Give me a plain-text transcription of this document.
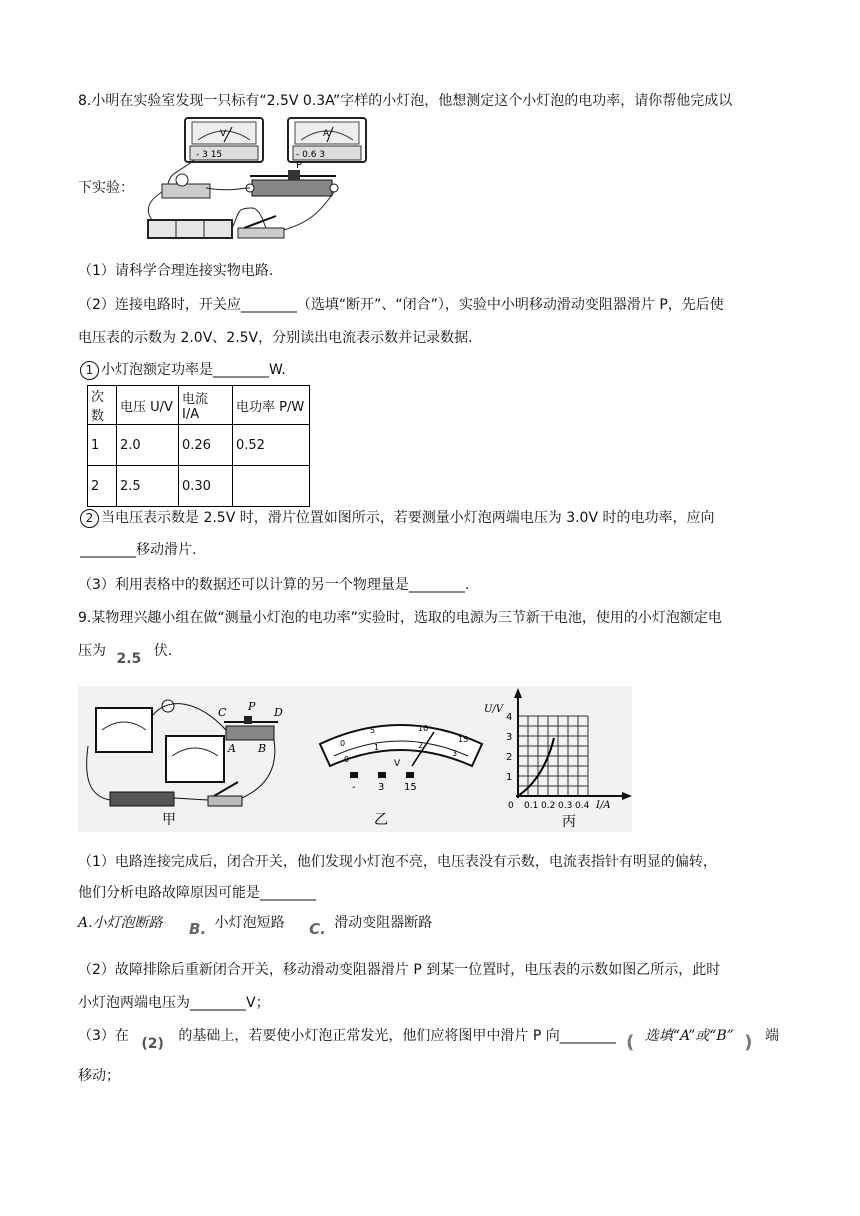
8.小明在实验室发现一只标有“2.5V 0.3A”字样的小灯泡，他想测定这个小灯泡的电功率，请你帮他完成以
V
- 3 15
A
- 0.6 3
P
下实验：
（1）请科学合理连接实物电路.
（2）连接电路时，开关应________（选填“断开”、“闭合”），实验中小明移动滑动变阻器滑片 P，先后使
电压表的示数为 2.0V、2.5V，分别读出电流表示数并记录数据.
1 小灯泡额定功率是________W.
次数	电压 U/V	电流 I/A	电功率 P/W
1	2.0	0.26	0.52
2	2.5	0.30	
2 当电压表示数是 2.5V 时，滑片位置如图所示，若要测量小灯泡两端电压为 3.0V 时的电功率，应向
________移动滑片.
（3）利用表格中的数据还可以计算的另一个物理量是________.
9.某物理兴趣小组在做“测量小灯泡的电功率”实验时，选取的电源为三节新干电池，使用的小灯泡额定电
压为 2.5 伏.
C P D
A B
甲
0
5	10
15
0
1	2
3
V
- 3 15
乙
U/V
4
3
2
1
0 0.1 0.2 0.3 0.4 I/A
丙
（1）电路连接完成后，闭合开关，他们发现小灯泡不亮，电压表没有示数，电流表指针有明显的偏转，
他们分析电路故障原因可能是________
A.小灯泡断路 B. 小灯泡短路 C. 滑动变阻器断路
（2）故障排除后重新闭合开关，移动滑动变阻器滑片 P 到某一位置时，电压表的示数如图乙所示，此时
小灯泡两端电压为________V；
（3）在 (2) 的基础上，若要使小灯泡正常发光，他们应将图甲中滑片 P 向________ ( 选填“A”或“B” ) 端
移动；
